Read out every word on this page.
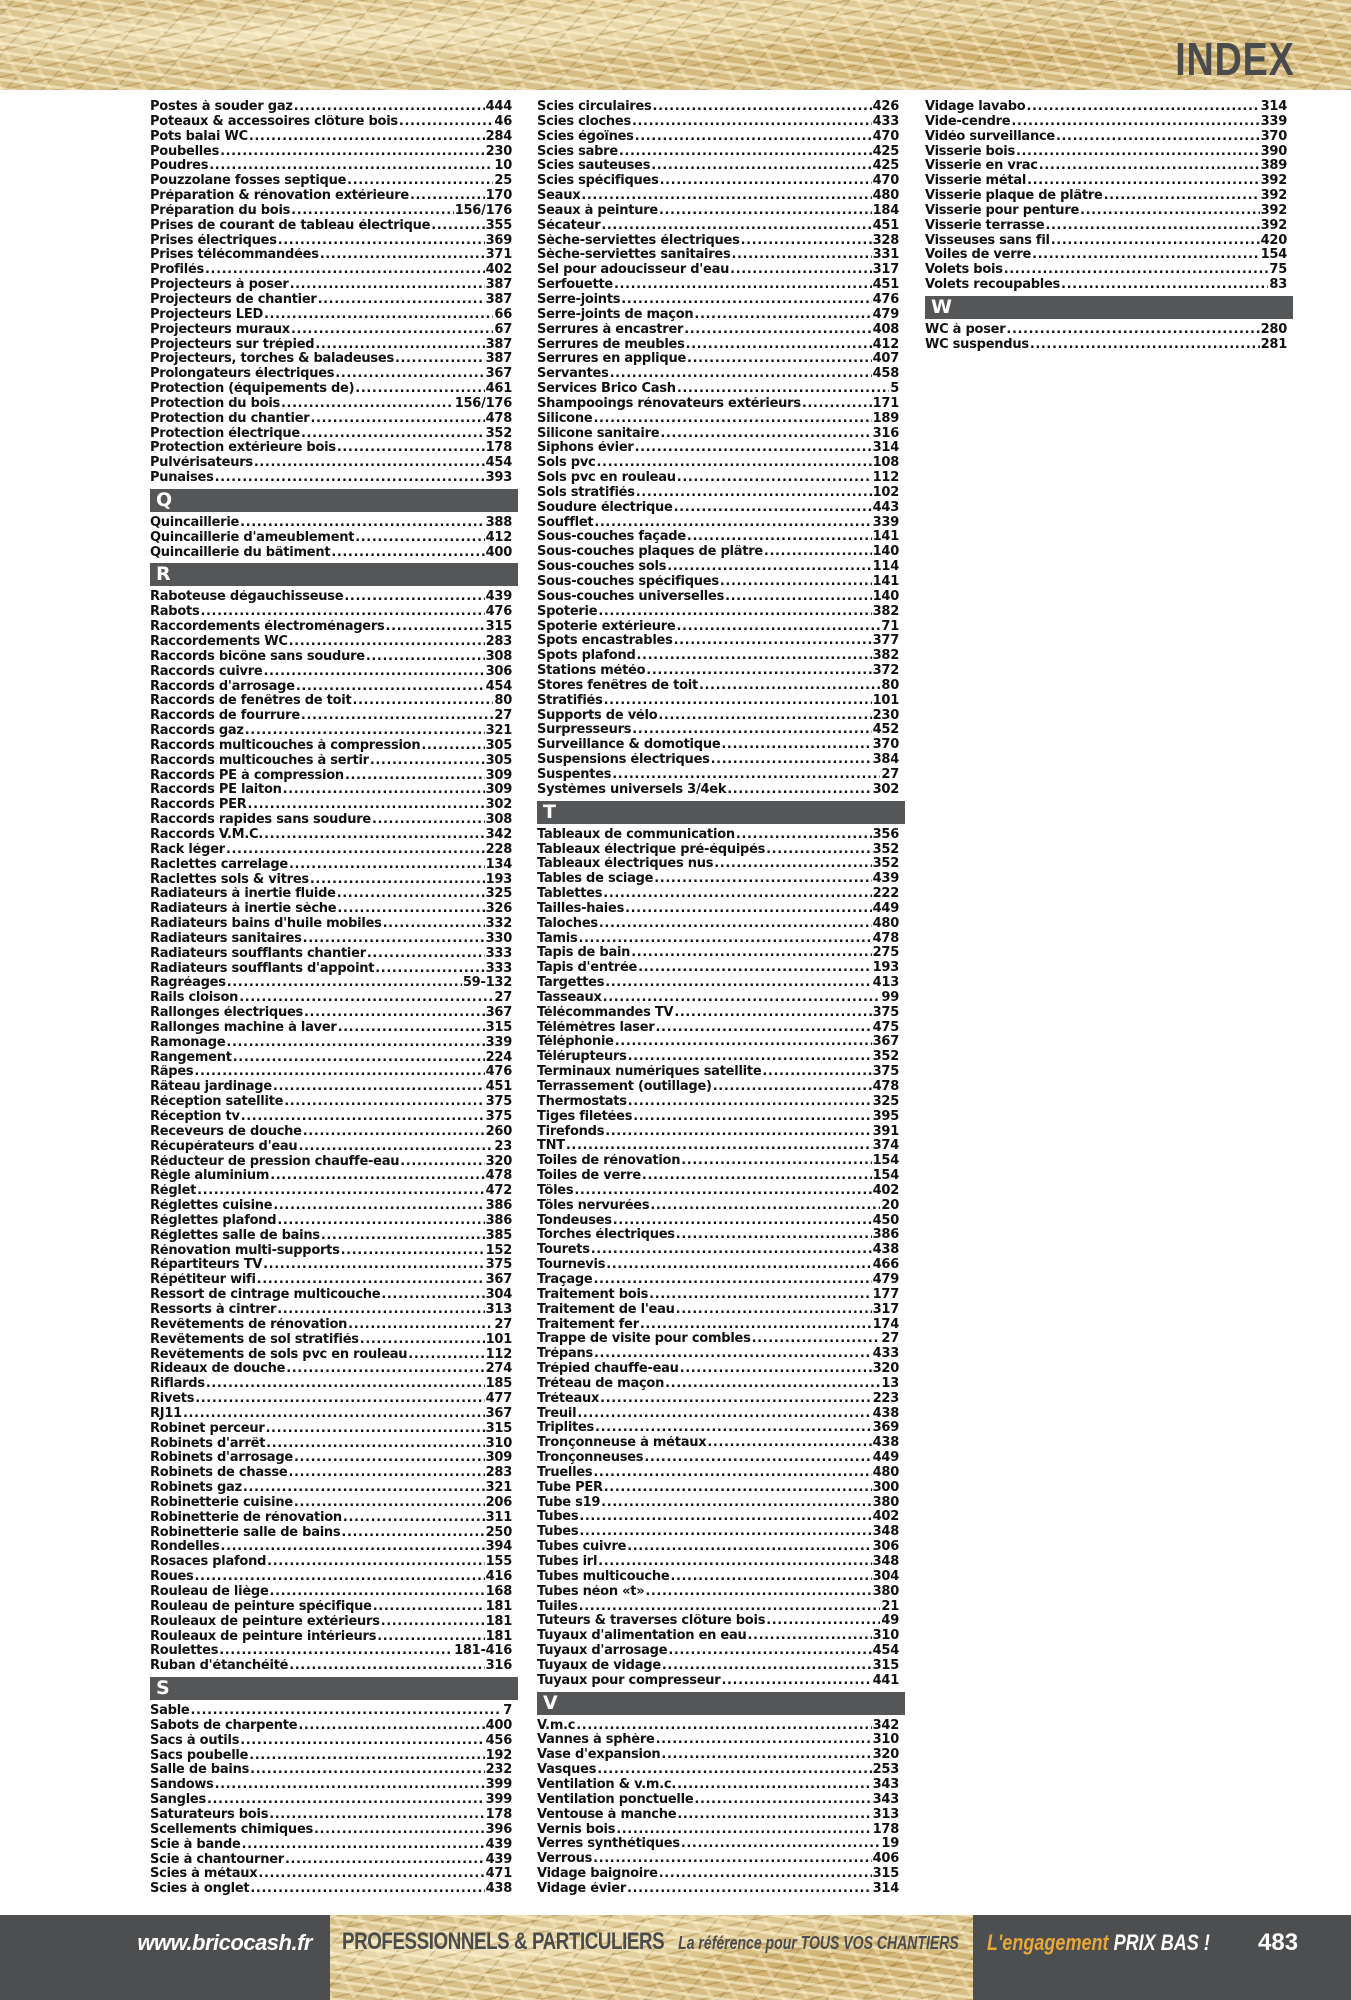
INDEX
Postes à souder gaz .....	444
Poteaux & accessoires clôture bois .....	46
Pots balai WC .....	284
Poubelles .....	230
Poudres .....	10
Pouzzolane fosses septique .....	25
Préparation & rénovation extérieure .....	170
Préparation du bois .....	156/176
Prises de courant de tableau électrique .....	355
Prises électriques .....	369
Prises télécommandées .....	371
Profilés .....	402
Projecteurs à poser .....	387
Projecteurs de chantier .....	387
Projecteurs LED .....	66
Projecteurs muraux .....	67
Projecteurs sur trépied .....	387
Projecteurs, torches & baladeuses .....	387
Prolongateurs électriques .....	367
Protection (équipements de) .....	461
Protection du bois .....	156/176
Protection du chantier .....	478
Protection électrique .....	352
Protection extérieure bois .....	178
Pulvérisateurs .....	454
Punaises .....	393
Q
Quincaillerie .....	388
Quincaillerie d'ameublement .....	412
Quincaillerie du bâtiment .....	400
R
Raboteuse dégauchisseuse .....	439
Rabots .....	476
Raccordements électroménagers .....	315
Raccordements WC .....	283
Raccords bicône sans soudure .....	308
Raccords cuivre .....	306
Raccords d'arrosage .....	454
Raccords de fenêtres de toit .....	80
Raccords de fourrure .....	27
Raccords gaz .....	321
Raccords multicouches à compression .....	305
Raccords multicouches à sertir .....	305
Raccords PE à compression .....	309
Raccords PE laiton .....	309
Raccords PER .....	302
Raccords rapides sans soudure .....	308
Raccords V.M.C. .....	342
Rack léger .....	228
Raclettes carrelage .....	134
Raclettes sols & vitres .....	193
Radiateurs à inertie fluide .....	325
Radiateurs à inertie sèche .....	326
Radiateurs bains d'huile mobiles .....	332
Radiateurs sanitaires .....	330
Radiateurs soufflants chantier .....	333
Radiateurs soufflants d'appoint .....	333
Ragréages .....	59-132
Rails cloison .....	27
Rallonges électriques .....	367
Rallonges machine à laver .....	315
Ramonage .....	339
Rangement .....	224
Râpes .....	476
Râteau jardinage .....	451
Réception satellite .....	375
Réception tv .....	375
Receveurs de douche .....	260
Récupérateurs d'eau .....	23
Réducteur de pression chauffe-eau .....	320
Règle aluminium .....	478
Réglet .....	472
Réglettes cuisine .....	386
Réglettes plafond .....	386
Réglettes salle de bains .....	385
Rénovation multi-supports .....	152
Répartiteurs TV .....	375
Répétiteur wifi .....	367
Ressort de cintrage multicouche .....	304
Ressorts à cintrer .....	313
Revêtements de rénovation .....	27
Revêtements de sol stratifiés .....	101
Revêtements de sols pvc en rouleau .....	112
Rideaux de douche .....	274
Riflards .....	185
Rivets .....	477
RJ11 .....	367
Robinet perceur .....	315
Robinets d'arrêt .....	310
Robinets d'arrosage .....	309
Robinets de chasse .....	283
Robinets gaz .....	321
Robinetterie cuisine .....	206
Robinetterie de rénovation .....	311
Robinetterie salle de bains .....	250
Rondelles .....	394
Rosaces plafond .....	155
Roues .....	416
Rouleau de liège .....	168
Rouleau de peinture spécifique .....	181
Rouleaux de peinture extérieurs .....	181
Rouleaux de peinture intérieurs .....	181
Roulettes .....	181-416
Ruban d'étanchéité .....	316
S
Sable .....	7
Sabots de charpente .....	400
Sacs à outils .....	456
Sacs poubelle .....	192
Salle de bains .....	232
Sandows .....	399
Sangles .....	399
Saturateurs bois .....	178
Scellements chimiques .....	396
Scie à bande .....	439
Scie à chantourner .....	439
Scies à métaux .....	471
Scies à onglet .....	438
Scies circulaires .....	426
Scies cloches .....	433
Scies égoïnes .....	470
Scies sabre .....	425
Scies sauteuses .....	425
Scies spécifiques .....	470
Seaux .....	480
Seaux à peinture .....	184
Sécateur .....	451
Sèche-serviettes électriques .....	328
Sèche-serviettes sanitaires .....	331
Sel pour adoucisseur d'eau .....	317
Serfouette .....	451
Serre-joints .....	476
Serre-joints de maçon .....	479
Serrures à encastrer .....	408
Serrures de meubles .....	412
Serrures en applique .....	407
Servantes .....	458
Services Brico Cash .....	5
Shampooings rénovateurs extérieurs .....	171
Silicone .....	189
Silicone sanitaire .....	316
Siphons évier .....	314
Sols pvc .....	108
Sols pvc en rouleau .....	112
Sols stratifiés .....	102
Soudure électrique .....	443
Soufflet .....	339
Sous-couches façade .....	141
Sous-couches plaques de plâtre .....	140
Sous-couches sols .....	114
Sous-couches spécifiques .....	141
Sous-couches universelles .....	140
Spoterie .....	382
Spoterie extérieure .....	71
Spots encastrables .....	377
Spots plafond .....	382
Stations météo .....	372
Stores fenêtres de toit .....	80
Stratifiés .....	101
Supports de vélo .....	230
Surpresseurs .....	452
Surveillance & domotique .....	370
Suspensions électriques .....	384
Suspentes .....	27
Systèmes universels 3/4ek .....	302
T
Tableaux de communication .....	356
Tableaux électrique pré-équipés .....	352
Tableaux électriques nus .....	352
Tables de sciage .....	439
Tablettes .....	222
Tailles-haies .....	449
Taloches .....	480
Tamis .....	478
Tapis de bain .....	275
Tapis d'entrée .....	193
Targettes .....	413
Tasseaux .....	99
Télécommandes TV .....	375
Télémètres laser .....	475
Téléphonie .....	367
Télérupteurs .....	352
Terminaux numériques satellite .....	375
Terrassement (outillage) .....	478
Thermostats .....	325
Tiges filetées .....	395
Tirefonds .....	391
TNT .....	374
Toiles de rénovation .....	154
Toiles de verre .....	154
Tôles .....	402
Tôles nervurées .....	20
Tondeuses .....	450
Torches électriques .....	386
Tourets .....	438
Tournevis .....	466
Traçage .....	479
Traitement bois .....	177
Traitement de l'eau .....	317
Traitement fer .....	174
Trappe de visite pour combles .....	27
Trépans .....	433
Trépied chauffe-eau .....	320
Tréteau de maçon .....	13
Tréteaux .....	223
Treuil .....	438
Triplites .....	369
Tronçonneuse à métaux .....	438
Tronçonneuses .....	449
Truelles .....	480
Tube PER .....	300
Tube s19 .....	380
Tubes .....	402
Tubes .....	348
Tubes cuivre .....	306
Tubes irl .....	348
Tubes multicouche .....	304
Tubes néon «t» .....	380
Tuiles .....	21
Tuteurs & traverses clôture bois .....	49
Tuyaux d'alimentation en eau .....	310
Tuyaux d'arrosage .....	454
Tuyaux de vidage .....	315
Tuyaux pour compresseur .....	441
V
V.m.c .....	342
Vannes à sphère .....	310
Vase d'expansion .....	320
Vasques .....	253
Ventilation & v.m.c. .....	343
Ventilation ponctuelle .....	343
Ventouse à manche .....	313
Vernis bois .....	178
Verres synthétiques .....	19
Verrous .....	406
Vidage baignoire .....	315
Vidage évier .....	314
Vidage lavabo .....	314
Vide-cendre .....	339
Vidéo surveillance .....	370
Visserie bois .....	390
Visserie en vrac .....	389
Visserie métal .....	392
Visserie plaque de plâtre .....	392
Visserie pour penture .....	392
Visserie terrasse .....	392
Visseuses sans fil .....	420
Voiles de verre .....	154
Volets bois .....	75
Volets recoupables .....	83
W
WC à poser .....	280
WC suspendus .....	281
www.bricocash.fr PROFESSIONNELS & PARTICULIERS La référence pour TOUS VOS CHANTIERS L'engagement PRIX BAS ! 483
